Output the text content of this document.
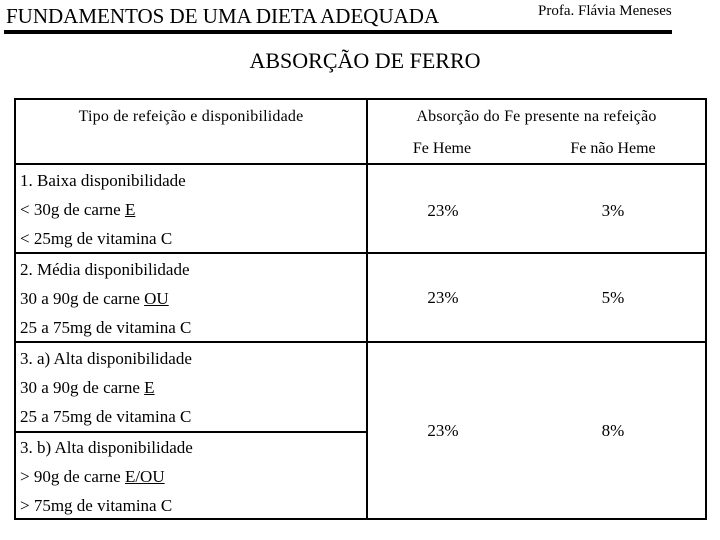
FUNDAMENTOS DE UMA DIETA ADEQUADA	Profa. Flávia Meneses
ABSORÇÃO DE FERRO
Tipo de refeição e disponibilidade	Absorção do Fe presente na refeição
Fe Heme	Fe não Heme
1. Baixa disponibilidade
< 30g de carne E
< 25mg de vitamina C
23%	3%
2. Média disponibilidade
30 a 90g de carne OU
25 a 75mg de vitamina C
23%	5%
3. a) Alta disponibilidade
30 a 90g de carne E
25 a 75mg de vitamina C
3. b) Alta disponibilidade
> 90g de carne E/OU
> 75mg de vitamina C
23%	8%
